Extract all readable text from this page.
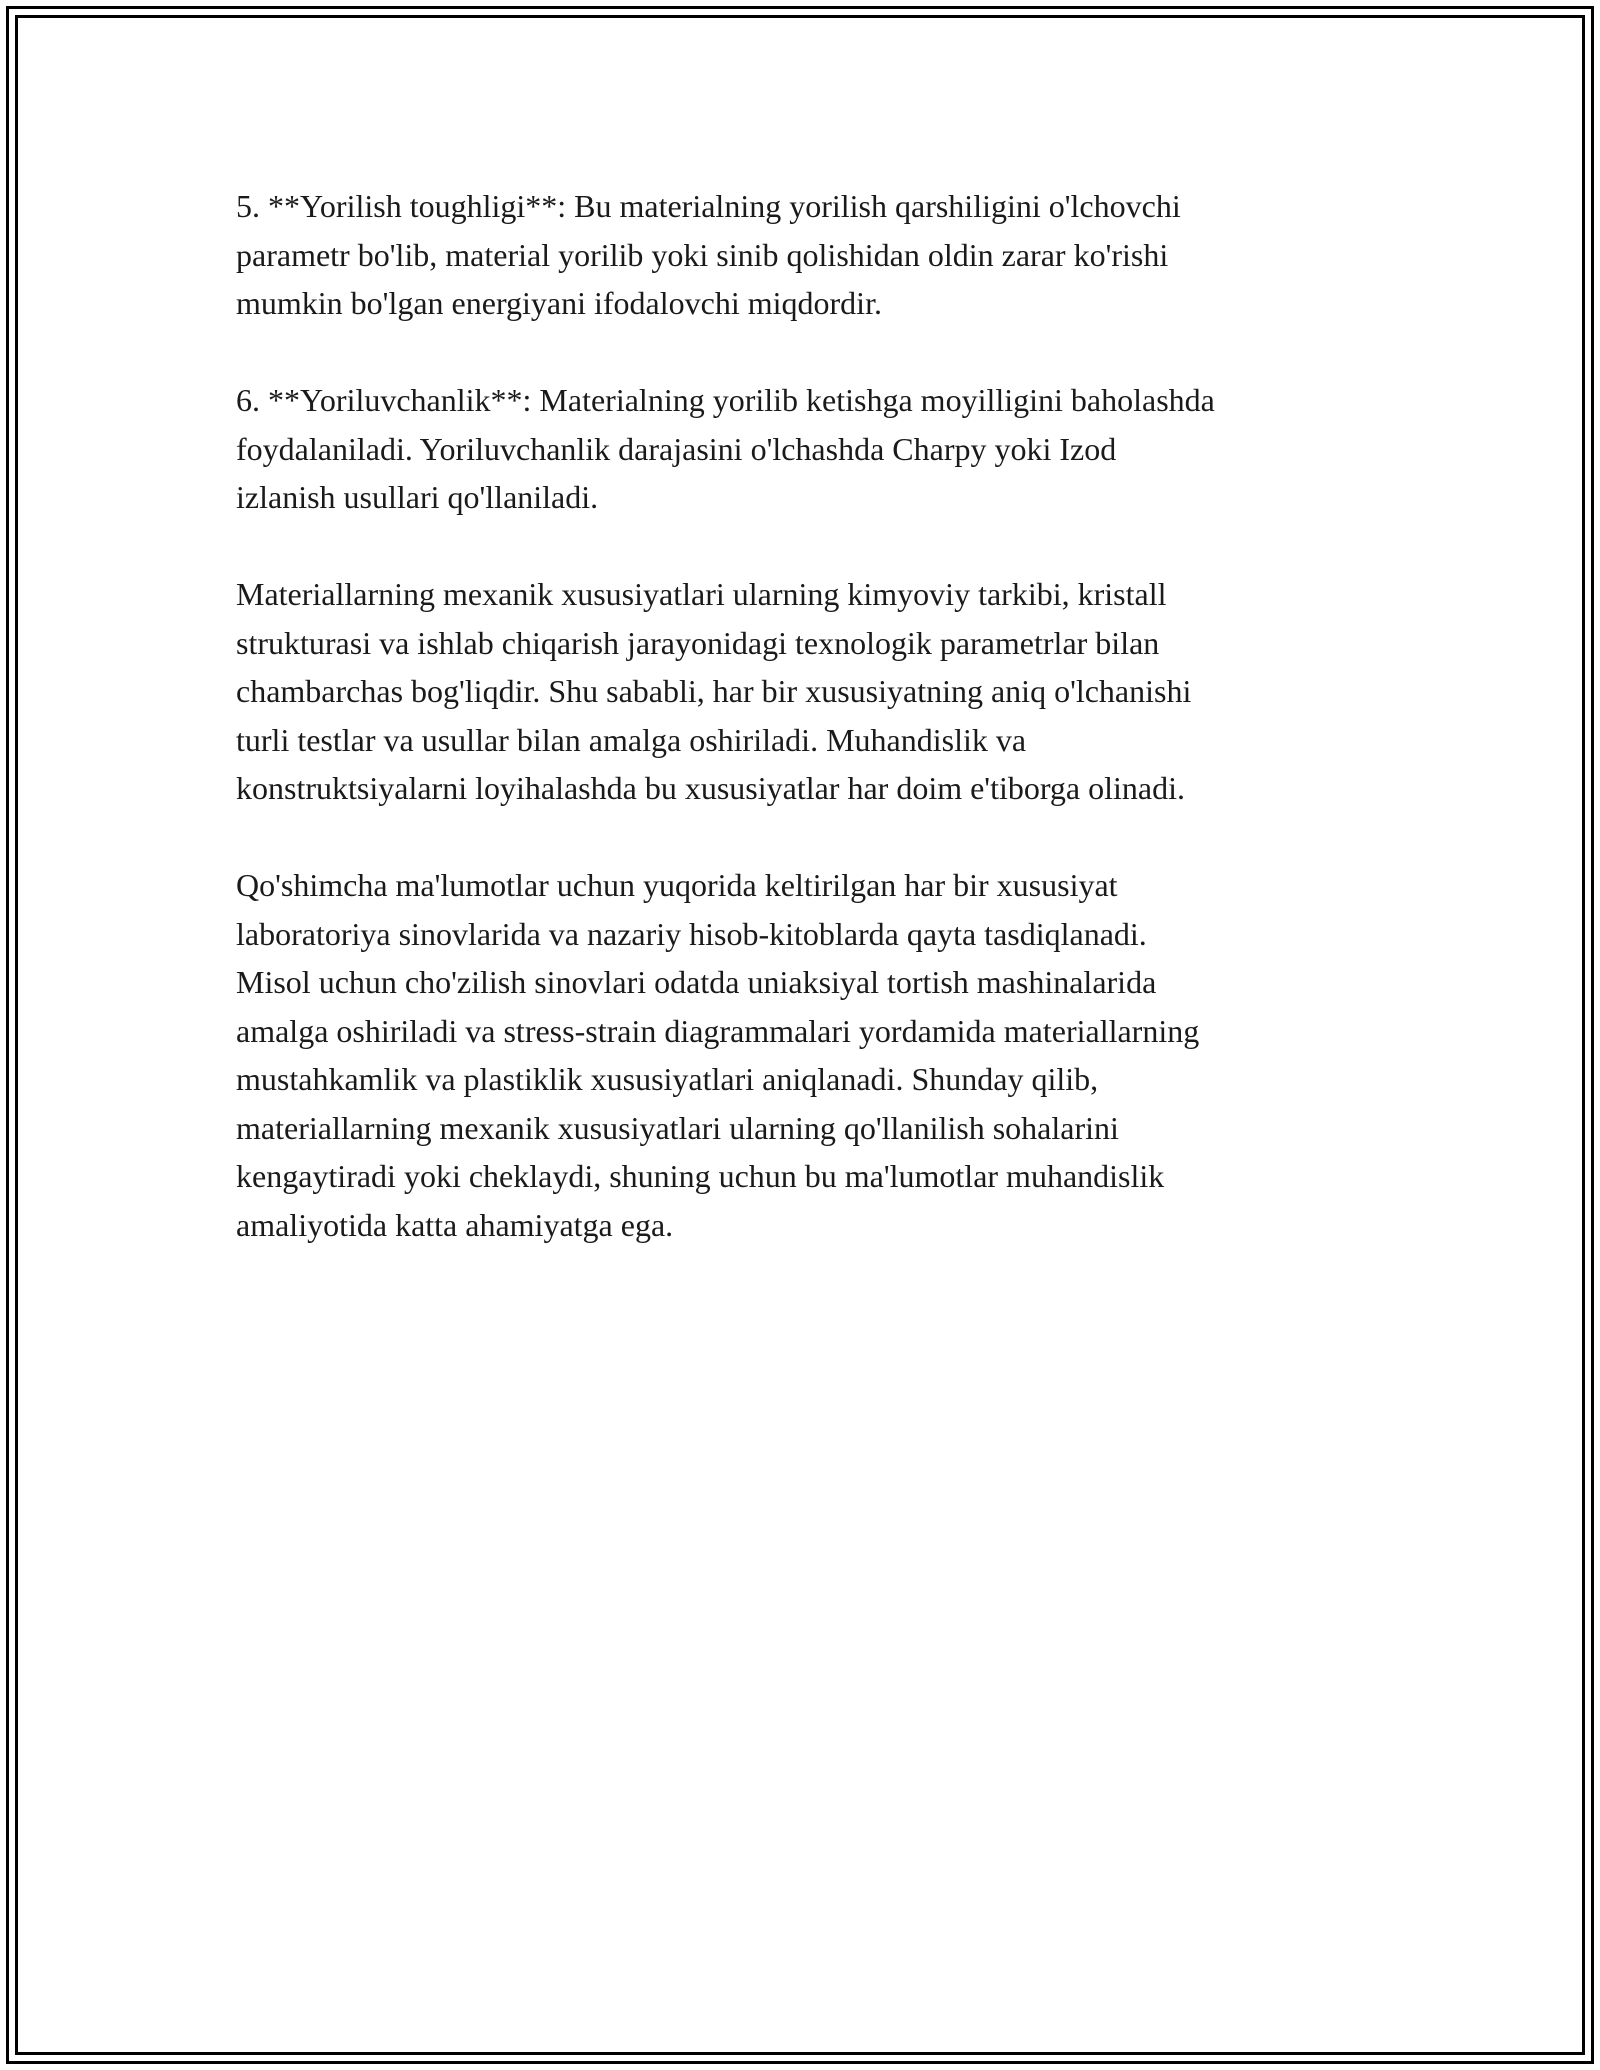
5. **Yorilish toughligi**: Bu materialning yorilish qarshiligini o'lchovchi
parametr bo'lib, material yorilib yoki sinib qolishidan oldin zarar ko'rishi
mumkin bo'lgan energiyani ifodalovchi miqdordir.

6. **Yoriluvchanlik**: Materialning yorilib ketishga moyilligini baholashda
foydalaniladi. Yoriluvchanlik darajasini o'lchashda Charpy yoki Izod
izlanish usullari qo'llaniladi.

Materiallarning mexanik xususiyatlari ularning kimyoviy tarkibi, kristall
strukturasi va ishlab chiqarish jarayonidagi texnologik parametrlar bilan
chambarchas bog'liqdir. Shu sababli, har bir xususiyatning aniq o'lchanishi
turli testlar va usullar bilan amalga oshiriladi. Muhandislik va
konstruktsiyalarni loyihalashda bu xususiyatlar har doim e'tiborga olinadi.

Qo'shimcha ma'lumotlar uchun yuqorida keltirilgan har bir xususiyat
laboratoriya sinovlarida va nazariy hisob-kitoblarda qayta tasdiqlanadi.
Misol uchun cho'zilish sinovlari odatda uniaksiyal tortish mashinalarida
amalga oshiriladi va stress-strain diagrammalari yordamida materiallarning
mustahkamlik va plastiklik xususiyatlari aniqlanadi. Shunday qilib,
materiallarning mexanik xususiyatlari ularning qo'llanilish sohalarini
kengaytiradi yoki cheklaydi, shuning uchun bu ma'lumotlar muhandislik
amaliyotida katta ahamiyatga ega.
